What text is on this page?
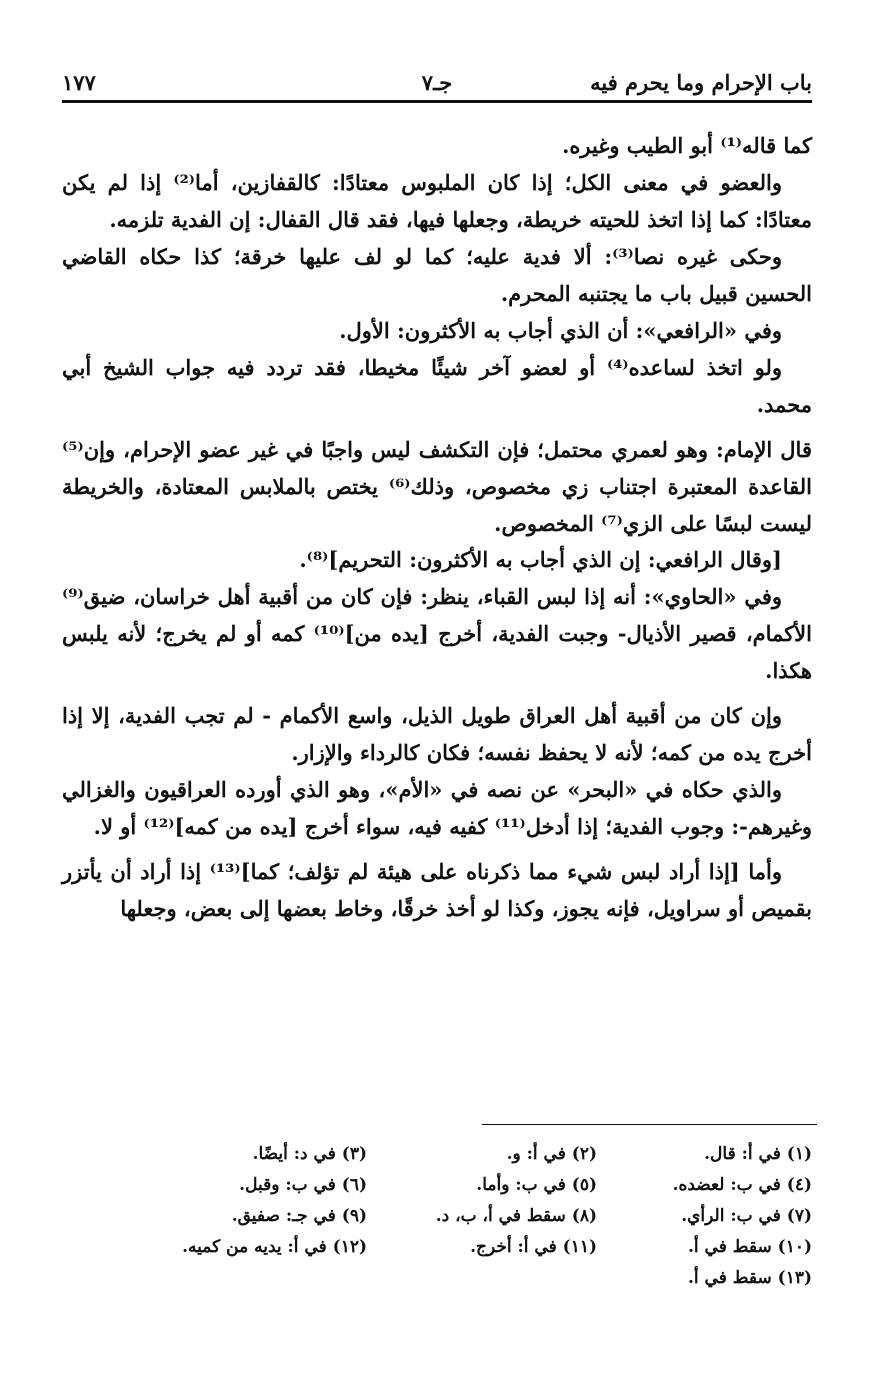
باب الإحرام وما يحرم فيه
جـ٧
١٧٧

كما قاله⁽¹⁾ أبو الطيب وغيره.

والعضو في معنى الكل؛ إذا كان الملبوس معتادًا: كالقفازين، أما⁽²⁾ إذا لم يكن معتادًا: كما إذا اتخذ للحيته خريطة، وجعلها فيها، فقد قال القفال: إن الفدية تلزمه.

وحكى غيره نصا⁽³⁾: ألا فدية عليه؛ كما لو لف عليها خرقة؛ كذا حكاه القاضي الحسين قبيل باب ما يجتنبه المحرم.

وفي «الرافعي»: أن الذي أجاب به الأكثرون: الأول.

ولو اتخذ لساعده⁽⁴⁾ أو لعضو آخر شيئًا مخيطا، فقد تردد فيه جواب الشيخ أبي محمد.

قال الإمام: وهو لعمري محتمل؛ فإن التكشف ليس واجبًا في غير عضو الإحرام، وإن⁽⁵⁾ القاعدة المعتبرة اجتناب زي مخصوص، وذلك⁽⁶⁾ يختص بالملابس المعتادة، والخريطة ليست لبسًا على الزي⁽⁷⁾ المخصوص.

[وقال الرافعي: إن الذي أجاب به الأكثرون: التحريم]⁽⁸⁾.

وفي «الحاوي»: أنه إذا لبس القباء، ينظر: فإن كان من أقبية أهل خراسان، ضيق⁽⁹⁾ الأكمام، قصير الأذيال- وجبت الفدية، أخرج [يده من]⁽¹⁰⁾ كمه أو لم يخرج؛ لأنه يلبس هكذا.

وإن كان من أقبية أهل العراق طويل الذيل، واسع الأكمام - لم تجب الفدية، إلا إذا أخرج يده من كمه؛ لأنه لا يحفظ نفسه؛ فكان كالرداء والإزار.

والذي حكاه في «البحر» عن نصه في «الأم»، وهو الذي أورده العراقيون والغزالي وغيرهم-: وجوب الفدية؛ إذا أدخل⁽¹¹⁾ كفيه فيه، سواء أخرج [يده من كمه]⁽¹²⁾ أو لا.

وأما [إذا أراد لبس شيء مما ذكرناه على هيئة لم تؤلف؛ كما]⁽¹³⁾ إذا أراد أن يأتزر بقميص أو سراويل، فإنه يجوز، وكذا لو أخذ خرقًا، وخاط بعضها إلى بعض، وجعلها

(١) في أ: قال.
(٢) في أ: و.
(٣) في د: أيضًا.
(٤) في ب: لعضده.
(٥) في ب: وأما.
(٦) في ب: وقبل.
(٧) في ب: الرأي.
(٨) سقط في أ، ب، د.
(٩) في جـ: صفيق.
(١٠) سقط في أ.
(١١) في أ: أخرج.
(١٢) في أ: يديه من كميه.
(١٣) سقط في أ.
